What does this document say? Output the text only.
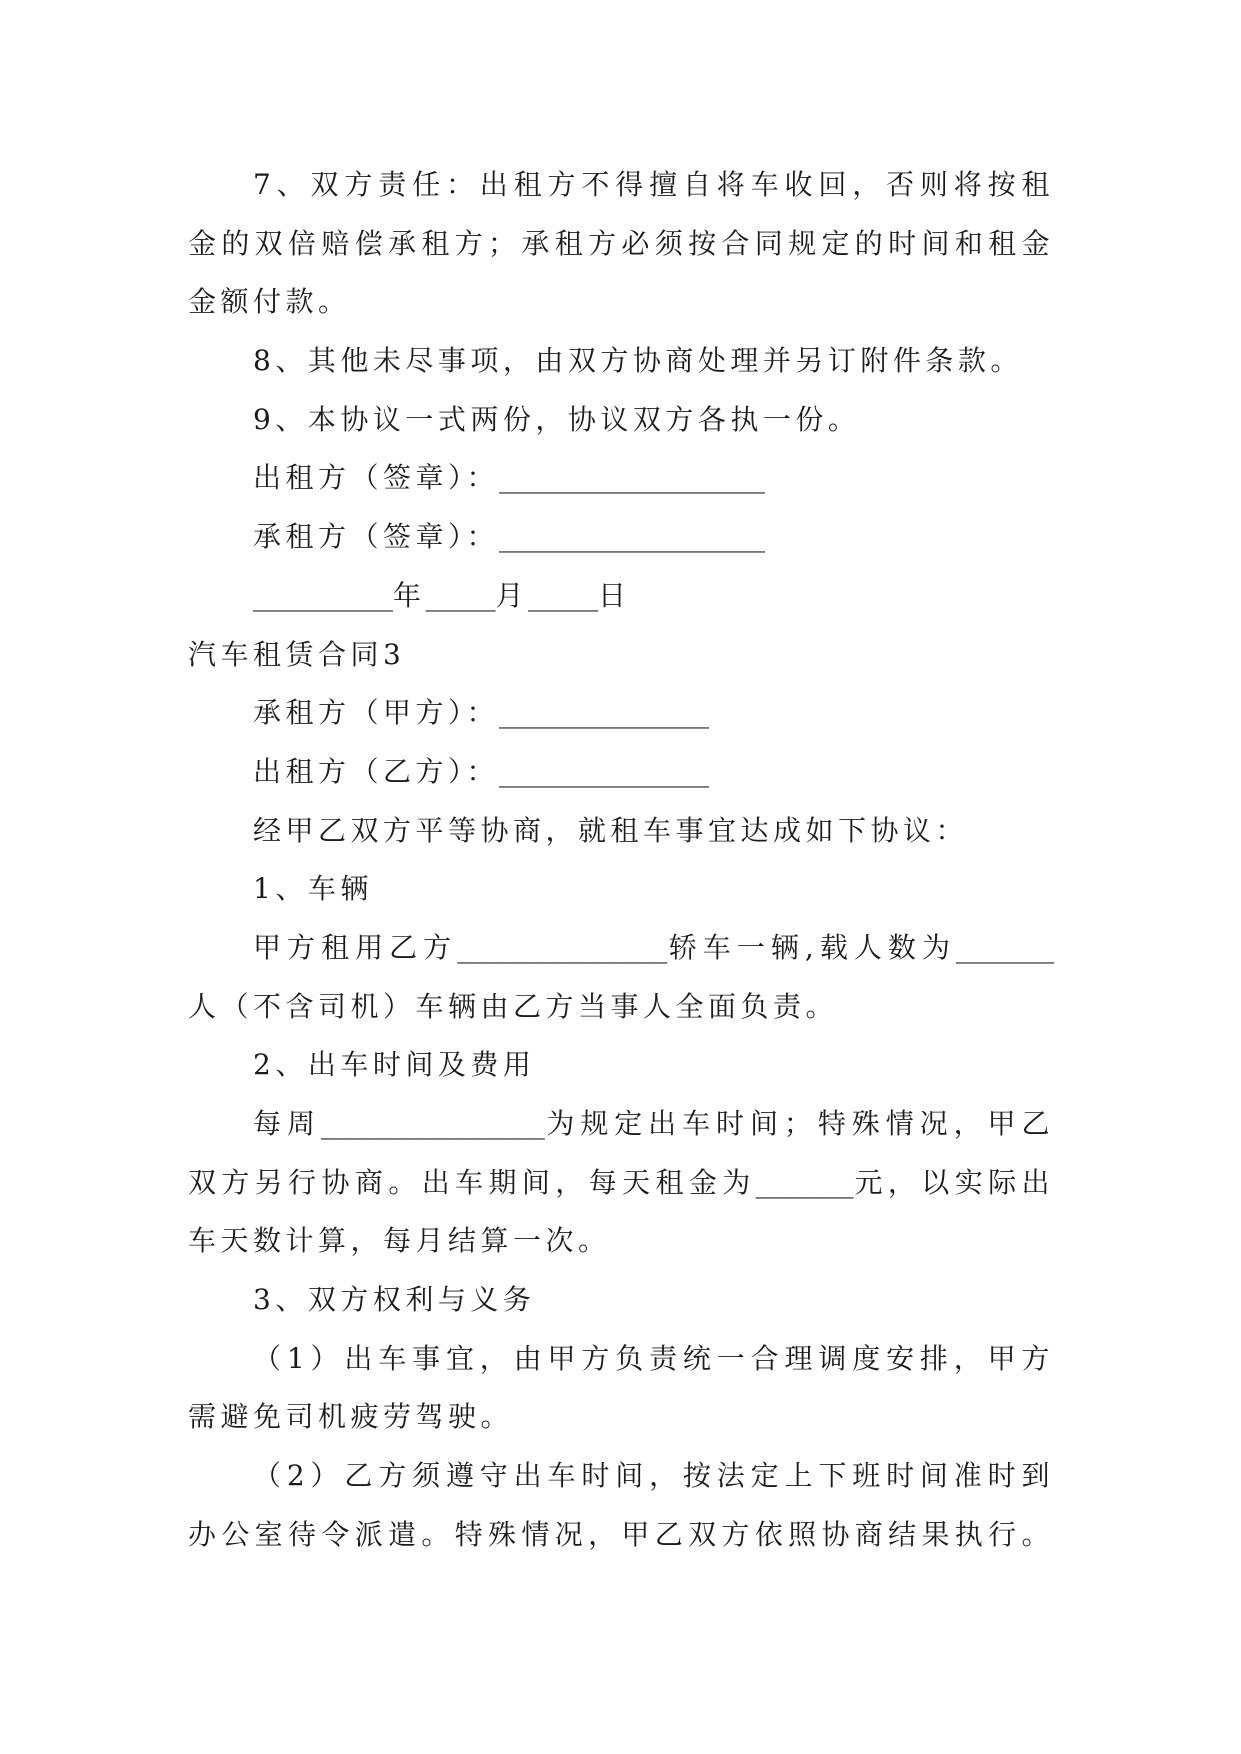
7、双方责任：出租方不得擅自将车收回，否则将按租
金的双倍赔偿承租方；承租方必须按合同规定的时间和租金
金额付款。
8、其他未尽事项，由双方协商处理并另订附件条款。
9、本协议一式两份，协议双方各执一份。
出租方（签章）：___________________
承租方（签章）：___________________
__________年_____月_____日
汽车租赁合同3
承租方（甲方）：_______________
出租方（乙方）：_______________
经甲乙双方平等协商，就租车事宜达成如下协议：
1、车辆
甲方租用乙方_______________轿车一辆,载人数为_______
人（不含司机）车辆由乙方当事人全面负责。
2、出车时间及费用
每周________________为规定出车时间；特殊情况，甲乙
双方另行协商。出车期间，每天租金为_______元，以实际出
车天数计算，每月结算一次。
3、双方权利与义务
（1）出车事宜，由甲方负责统一合理调度安排，甲方
需避免司机疲劳驾驶。
（2）乙方须遵守出车时间，按法定上下班时间准时到
办公室待令派遣。特殊情况，甲乙双方依照协商结果执行。
